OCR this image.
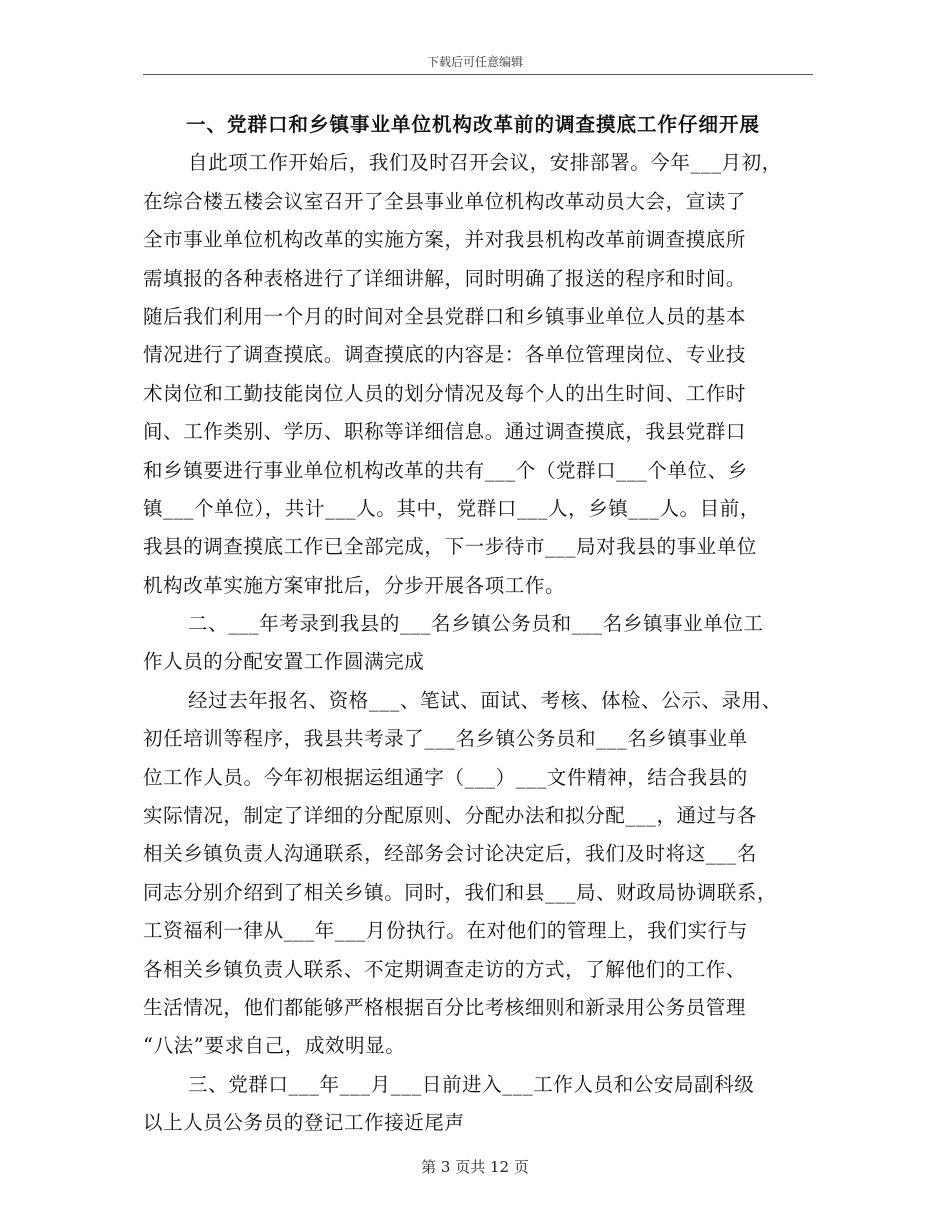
下载后可任意编辑
一、党群口和乡镇事业单位机构改革前的调查摸底工作仔细开展
自此项工作开始后，我们及时召开会议，安排部署。今年___月初，
在综合楼五楼会议室召开了全县事业单位机构改革动员大会，宣读了
全市事业单位机构改革的实施方案，并对我县机构改革前调查摸底所
需填报的各种表格进行了详细讲解，同时明确了报送的程序和时间。
随后我们利用一个月的时间对全县党群口和乡镇事业单位人员的基本
情况进行了调查摸底。调查摸底的内容是：各单位管理岗位、专业技
术岗位和工勤技能岗位人员的划分情况及每个人的出生时间、工作时
间、工作类别、学历、职称等详细信息。通过调查摸底，我县党群口
和乡镇要进行事业单位机构改革的共有___个（党群口___个单位、乡
镇___个单位），共计___人。其中，党群口___人，乡镇___人。目前，
我县的调查摸底工作已全部完成，下一步待市___局对我县的事业单位
机构改革实施方案审批后，分步开展各项工作。
二、___年考录到我县的___名乡镇公务员和___名乡镇事业单位工
作人员的分配安置工作圆满完成
经过去年报名、资格___、笔试、面试、考核、体检、公示、录用、
初任培训等程序，我县共考录了___名乡镇公务员和___名乡镇事业单
位工作人员。今年初根据运组通字（___）___文件精神，结合我县的
实际情况，制定了详细的分配原则、分配办法和拟分配___，通过与各
相关乡镇负责人沟通联系，经部务会讨论决定后，我们及时将这___名
同志分别介绍到了相关乡镇。同时，我们和县___局、财政局协调联系，
工资福利一律从___年___月份执行。在对他们的管理上，我们实行与
各相关乡镇负责人联系、不定期调查走访的方式，了解他们的工作、
生活情况，他们都能够严格根据百分比考核细则和新录用公务员管理
“八法”要求自己，成效明显。
三、党群口___年___月___日前进入___工作人员和公安局副科级
以上人员公务员的登记工作接近尾声
第 3 页共 12 页
